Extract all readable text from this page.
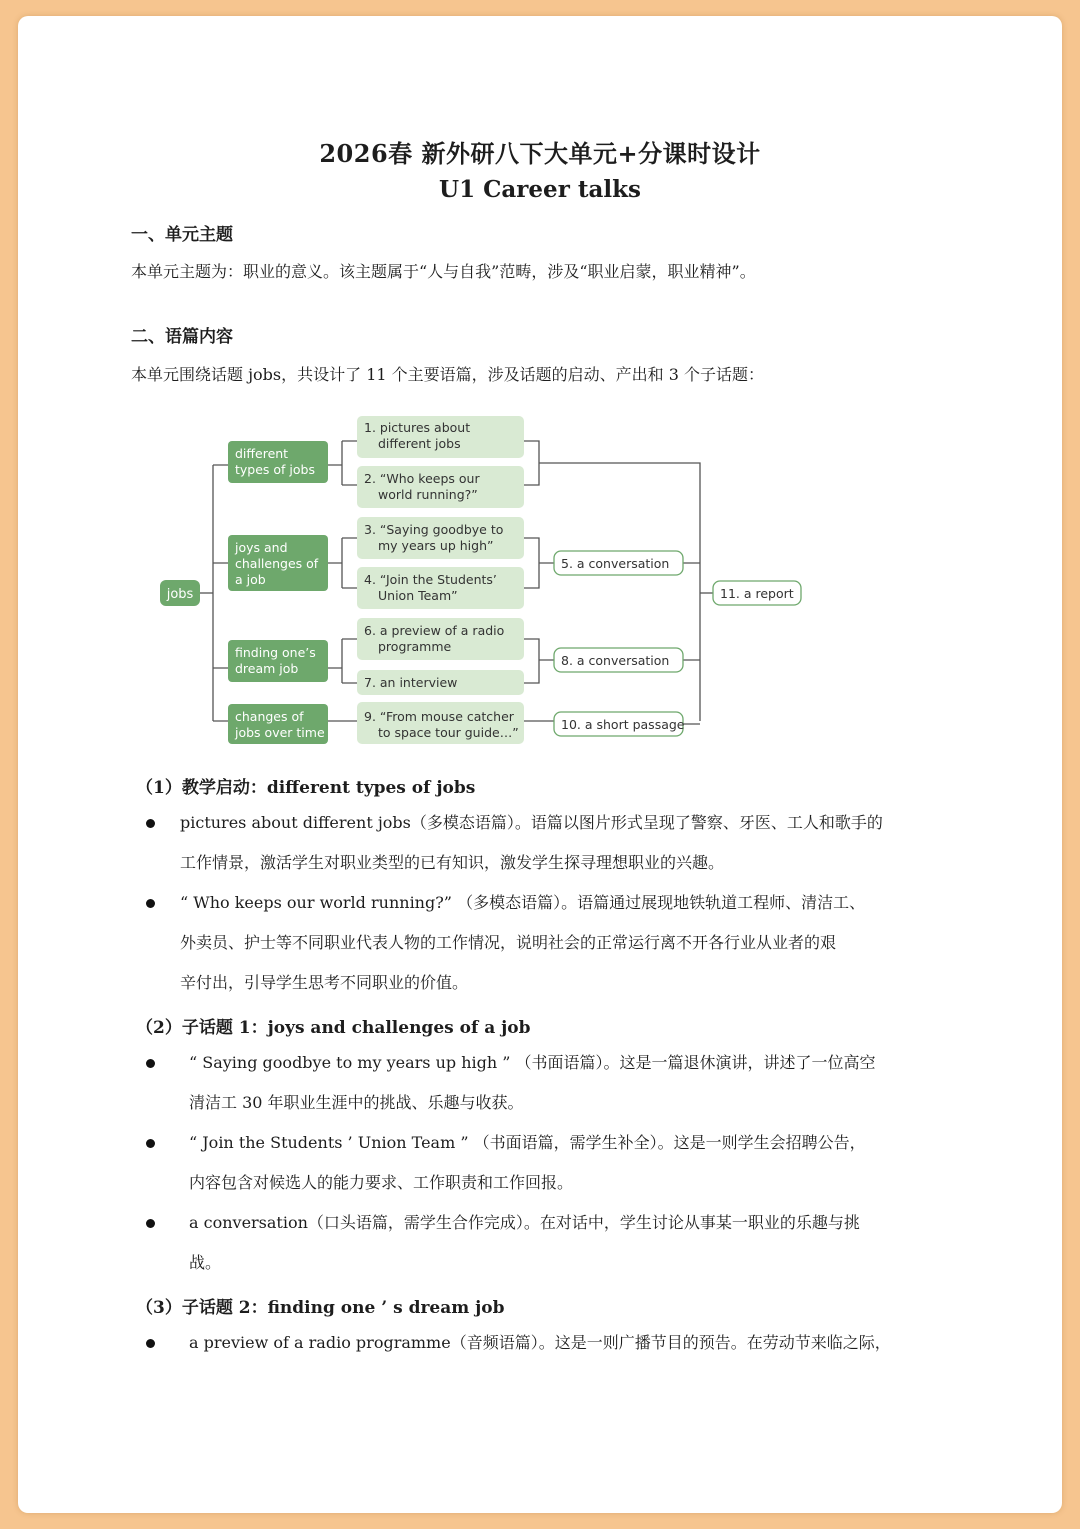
2026春 新外研八下大单元+分课时设计
U1 Career talks
一、单元主题
本单元主题为：职业的意义。该主题属于“人与自我”范畴，涉及“职业启蒙，职业精神”。
二、语篇内容
本单元围绕话题 jobs，共设计了 11 个主要语篇，涉及话题的启动、产出和 3 个子话题：
jobs
different types of jobs
joys and challenges of a job
finding one’s dream job
changes of jobs over time
1. pictures about different jobs
2. “Who keeps our world running?”
3. “Saying goodbye to my years up high”
4. “Join the Students’ Union Team”
6. a preview of a radio programme
7. an interview
9. “From mouse catcher to space tour guide…”
5. a conversation
8. a conversation
10. a short passage
11. a report
（1）教学启动：different types of jobs
pictures about different jobs（多模态语篇）。语篇以图片形式呈现了警察、牙医、工人和歌手的
工作情景，激活学生对职业类型的已有知识，激发学生探寻理想职业的兴趣。
“ Who keeps our world running?” （多模态语篇）。语篇通过展现地铁轨道工程师、清洁工、
外卖员、护士等不同职业代表人物的工作情况，说明社会的正常运行离不开各行业从业者的艰
辛付出，引导学生思考不同职业的价值。
（2）子话题 1：joys and challenges of a job
“ Saying goodbye to my years up high ” （书面语篇）。这是一篇退休演讲，讲述了一位高空
清洁工 30 年职业生涯中的挑战、乐趣与收获。
“ Join the Students ’ Union Team ” （书面语篇，需学生补全）。这是一则学生会招聘公告，
内容包含对候选人的能力要求、工作职责和工作回报。
a conversation（口头语篇，需学生合作完成）。在对话中，学生讨论从事某一职业的乐趣与挑
战。
（3）子话题 2：finding one ’ s dream job
a preview of a radio programme（音频语篇）。这是一则广播节目的预告。在劳动节来临之际，
